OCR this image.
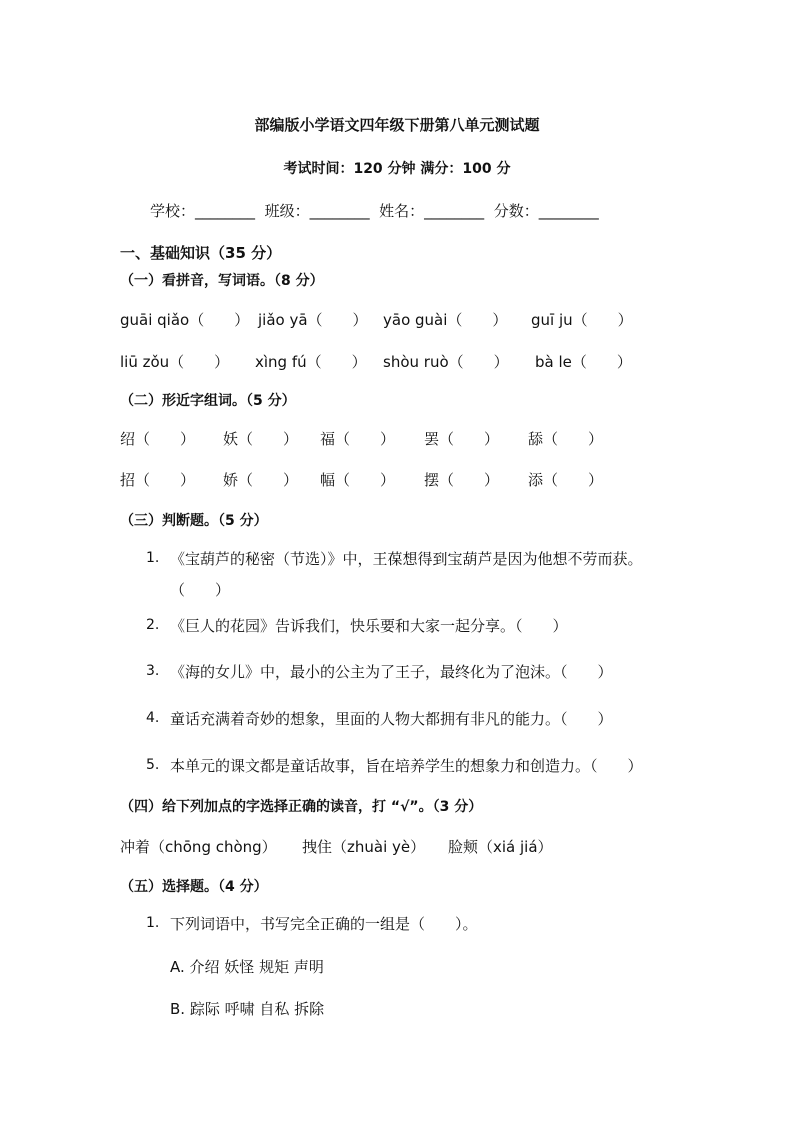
部编版小学语文四年级下册第八单元测试题
考试时间：120 分钟 满分：100 分
学校：________ 班级：________ 姓名：________ 分数：________
一、基础知识（35 分）
（一）看拼音，写词语。（8 分）
guāi qiǎo（　　） jiǎo yā（　　） yāo guài（　　） guī ju（　　）
liū zǒu（　　） xìng fú（　　） shòu ruò（　　） bà le（　　）
（二）形近字组词。（5 分）
绍（　　） 妖（　　） 福（　　） 罢（　　） 舔（　　）
招（　　） 娇（　　） 幅（　　） 摆（　　） 添（　　）
（三）判断题。（5 分）
1. 《宝葫芦的秘密（节选）》中，王葆想得到宝葫芦是因为他想不劳而获。
（　　）
2. 《巨人的花园》告诉我们，快乐要和大家一起分享。（　　）
3. 《海的女儿》中，最小的公主为了王子，最终化为了泡沫。（　　）
4. 童话充满着奇妙的想象，里面的人物大都拥有非凡的能力。（　　）
5. 本单元的课文都是童话故事，旨在培养学生的想象力和创造力。（　　）
（四）给下列加点的字选择正确的读音，打 “√”。（3 分）
冲着（chōng chòng） 拽住（zhuài yè） 脸颊（xiá jiá）
（五）选择题。（4 分）
1. 下列词语中，书写完全正确的一组是（　　）。
A. 介绍 妖怪 规矩 声明
B. 踪际 呼啸 自私 拆除
